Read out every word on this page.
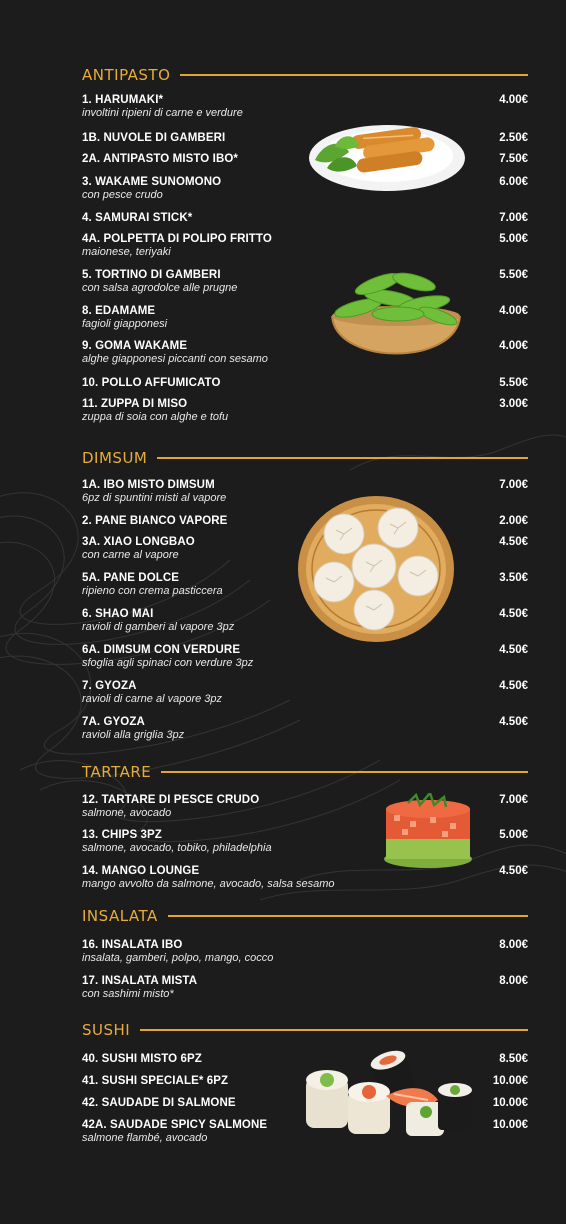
ANTIPASTO
1. HARUMAKI*
involtini ripieni di carne e verdure
4.00€
1B. NUVOLE DI GAMBERI	2.50€
2A. ANTIPASTO MISTO IBO*	7.50€
3. WAKAME SUNOMONO
con pesce crudo
6.00€
4. SAMURAI STICK*	7.00€
4A. POLPETTA DI POLIPO FRITTO
maionese, teriyaki
5.00€
5. TORTINO DI GAMBERI
con salsa agrodolce alle prugne
5.50€
8. EDAMAME
fagioli giapponesi
4.00€
9. GOMA WAKAME
alghe giapponesi piccanti con sesamo
4.00€
10. POLLO AFFUMICATO	5.50€
11. ZUPPA DI MISO
zuppa di soia con alghe e tofu
3.00€
DIMSUM
1A. IBO MISTO DIMSUM
6pz di spuntini misti al vapore
7.00€
2. PANE BIANCO VAPORE	2.00€
3A. XIAO LONGBAO
con carne al vapore
4.50€
5A. PANE DOLCE
ripieno con crema pasticcera
3.50€
6. SHAO MAI
ravioli di gamberi al vapore 3pz
4.50€
6A. DIMSUM CON VERDURE
sfoglia agli spinaci con verdure 3pz
4.50€
7. GYOZA
ravioli di carne al vapore 3pz
4.50€
7A. GYOZA
ravioli alla griglia 3pz
4.50€
TARTARE
12. TARTARE DI PESCE CRUDO
salmone, avocado
7.00€
13. CHIPS 3PZ
salmone, avocado, tobiko, philadelphia
5.00€
14. MANGO LOUNGE
mango avvolto da salmone, avocado, salsa sesamo
4.50€
INSALATA
16. INSALATA IBO
insalata, gamberi, polpo, mango, cocco
8.00€
17. INSALATA MISTA
con sashimi misto*
8.00€
SUSHI
40. SUSHI MISTO 6PZ	8.50€
41. SUSHI SPECIALE* 6PZ	10.00€
42. SAUDADE DI SALMONE	10.00€
42A. SAUDADE SPICY SALMONE
salmone flambé, avocado
10.00€
